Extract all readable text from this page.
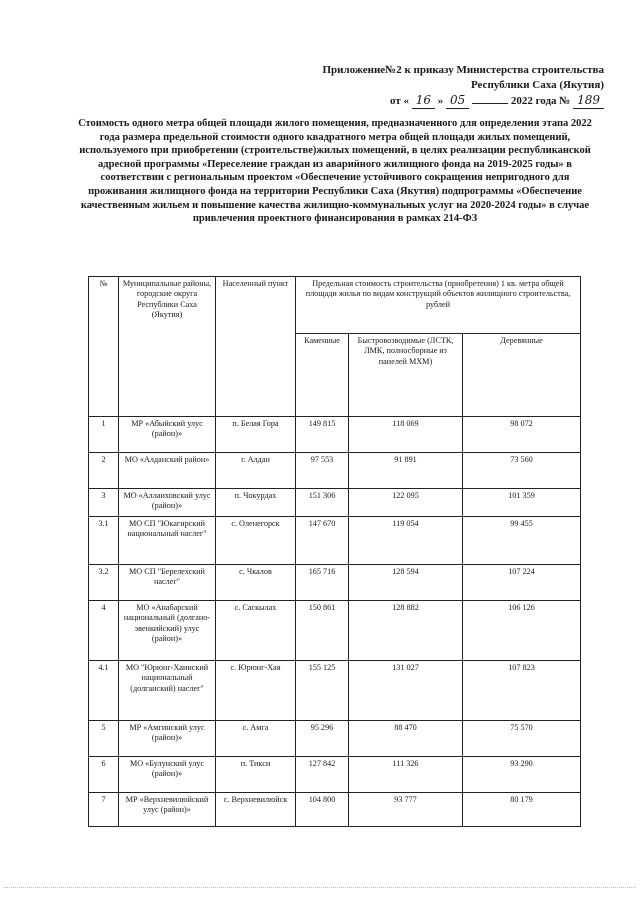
Приложение№2 к приказу Министерства строительства
Республики Саха (Якутия)
от « 16 » 05	2022 года № 189
Стоимость одного метра общей площади жилого помещения, предназначенного для определения этапа 2022 года размера предельной стоимости одного квадратного метра общей площади жилых помещений, используемого при приобретении (строительстве)жилых помещений, в целях реализации республиканской адресной программы «Переселение граждан из аварийного жилищного фонда на 2019-2025 годы» в соответствии с региональным проектом «Обеспечение устойчивого сокращения непригодного для проживания жилищного фонда на территории Республики Саха (Якутия) подпрограммы «Обеспечение качественным жильем и повышение качества жилищно-коммунальных услуг на 2020-2024 годы» в случае привлечения проектного финансирования в рамках 214-ФЗ
№	Муниципальные районы, городские округа Республики Саха (Якутия)	Населенный пункт	Предельная стоимость строительства (приобретения) 1 кв. метра общей площади жилья по видам конструкций объектов жилищного строительства, рублей		
			Каменные	Быстровозводимые (ЛСТК, ЛМК, полносборные из панелей МХМ)	Деревянные
1	МР «Абыйский улус (район)»	п. Белая Гора	149 815	118 069	98 072
2	МО «Алданский район»	г. Алдан	97 553	91 891	73 560
3	МО «Аллаиховский улус (район)»	п. Чокурдах	151 306	122 095	101 359
3.1	МО СП "Юкагирский национальный наслег"	с. Оленегорск	147 670	119 054	99 455
3.2	МО СП "Берелехский наслег"	с. Чкалов	165 716	128 594	107 224
4	МО «Анабарский национальный (долгано-эвенкийский) улус (район)»	с. Саскылах	150 861	128 882	106 126
4.1	МО "Юрюнг-Хаинский национальный (долганский) наслег"	с. Юрюнг-Хая	155 125	131 027	107 823
5	МР «Амгинский улус (район)»	с. Амга	95 296	88 470	75 570
6	МО «Булунский улус (район)»	п. Тикси	127 842	111 326	93 290
7	МР «Верхневилюйский улус (район)»	с. Верхневилюйск	104 800	93 777	80 179
